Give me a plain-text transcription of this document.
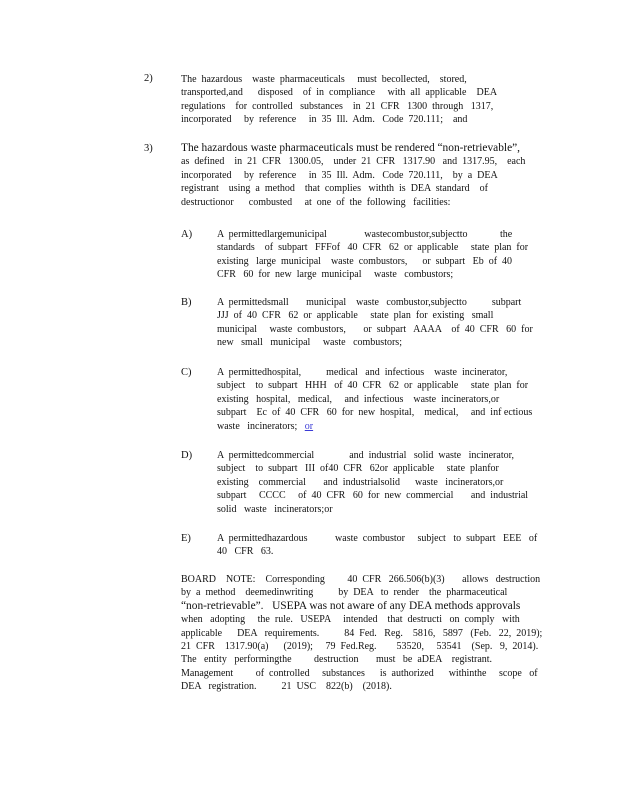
2)	The  hazardous    waste  pharmaceuticals     must  becollected,    stored,
transported,and      disposed    of  in  compliance     with  all  applicable    DEA
regulations    for  controlled   substances    in  21  CFR   1300  through   1317,
incorporated     by  reference     in  35  Ill.  Adm.   Code  720.111;    and
3) The hazardous waste pharmaceuticals must be rendered “non-retrievable”,
as  defined    in  21  CFR   1300.05,    under  21  CFR   1317.90   and  1317.95,    each
incorporated     by  reference     in  35  Ill.  Adm.   Code  720.111,    by  a  DEA
registrant    using  a  method    that  complies   withth  is  DEA  standard    of
destructionor      combusted     at  one  of  the  following   facilities:
A) A  permittedlargemunicipal               wastecombustor,subjectto             the
standards    of  subpart   FFFof   40  CFR   62  or  applicable     state  plan  for
existing   large  municipal    waste  combustors,      or  subpart   Eb  of  40
CFR   60  for  new  large  municipal     waste   combustors;
B)	A  permittedsmall       municipal    waste   combustor,subjectto          subpart
JJJ  of  40  CFR   62  or  applicable     state  plan  for  existing   small
municipal     waste  combustors,       or  subpart   AAAA    of  40  CFR   60  for
new   small   municipal     waste   combustors;
C)	A  permittedhospital,          medical   and  infectious    waste  incinerator,
subject    to  subpart   HHH   of  40  CFR   62  or  applicable     state  plan  for
existing   hospital,   medical,     and  infectious    waste  incinerators,or
subpart    Ec  of  40  CFR   60  for  new  hospital,    medical,     and  inf ectious
waste   incinerators;   or
D) A  permittedcommercial              and  industrial   solid  waste   incinerator,
subject    to  subpart   III  of40  CFR   62or  applicable     state  planfor
existing    commercial       and  industrialsolid      waste   incinerators,or
subpart     CCCC     of  40  CFR   60  for  new  commercial       and  industrial
solid   waste   incinerators;or
E)	A  permittedhazardous           waste  combustor     subject   to  subpart   EEE   of
40   CFR   63.
BOARD    NOTE:    Corresponding         40  CFR   266.506(b)(3)       allows   destruction
by  a  method    deemedinwriting          by  DEA   to  render    the  pharmaceutical
“non-retrievable”.   USEPA was not aware of any DEA methods approvals
when   adopting     the  rule.   USEPA     intended    that  destructi   on  comply   with
applicable      DEA   requirements.          84  Fed.   Reg.    5816,   5897   (Feb.   22,  2019);
21  CFR    1317.90(a)      (2019);     79  Fed.Reg.        53520,     53541    (Sep.   9,  2014).
The   entity   performingthe         destruction       must   be  aDEA    registrant.
Management         of  controlled     substances      is  authorized      withinthe     scope   of
DEA   registration.          21  USC    822(b)    (2018).
